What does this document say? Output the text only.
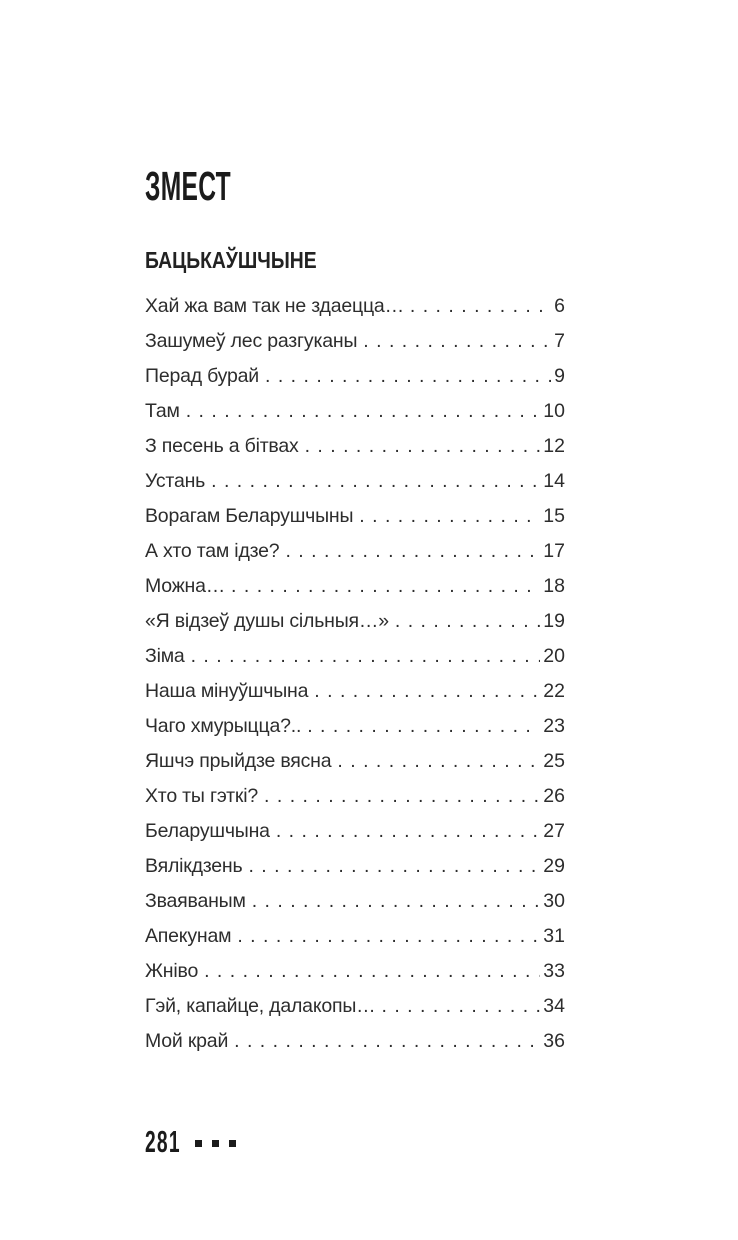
ЗМЕСТ
БАЦЬКАЎШЧЫНЕ
Хай жа вам так не здаецца… . . .	6
Зашумеў лес разгуканы . . .	7
Перад бурай . . .	9
Там . . .	10
З песень а бітвах . . .	12
Устань . . .	14
Ворагам Беларушчыны . . .	15
А хто там ідзе? . . .	17
Можна… . . .	18
«Я відзеў душы сільныя…» . . .	19
Зіма . . .	20
Наша мінуўшчына . . .	22
Чаго хмурыцца?.. . . .	23
Яшчэ прыйдзе вясна . . .	25
Хто ты гэткі? . . .	26
Беларушчына . . .	27
Вялікдзень . . .	29
Зваяваным . . .	30
Апекунам . . .	31
Жніво . . .	33
Гэй, капайце, далакопы… . . .	34
Мой край . . .	36
281
